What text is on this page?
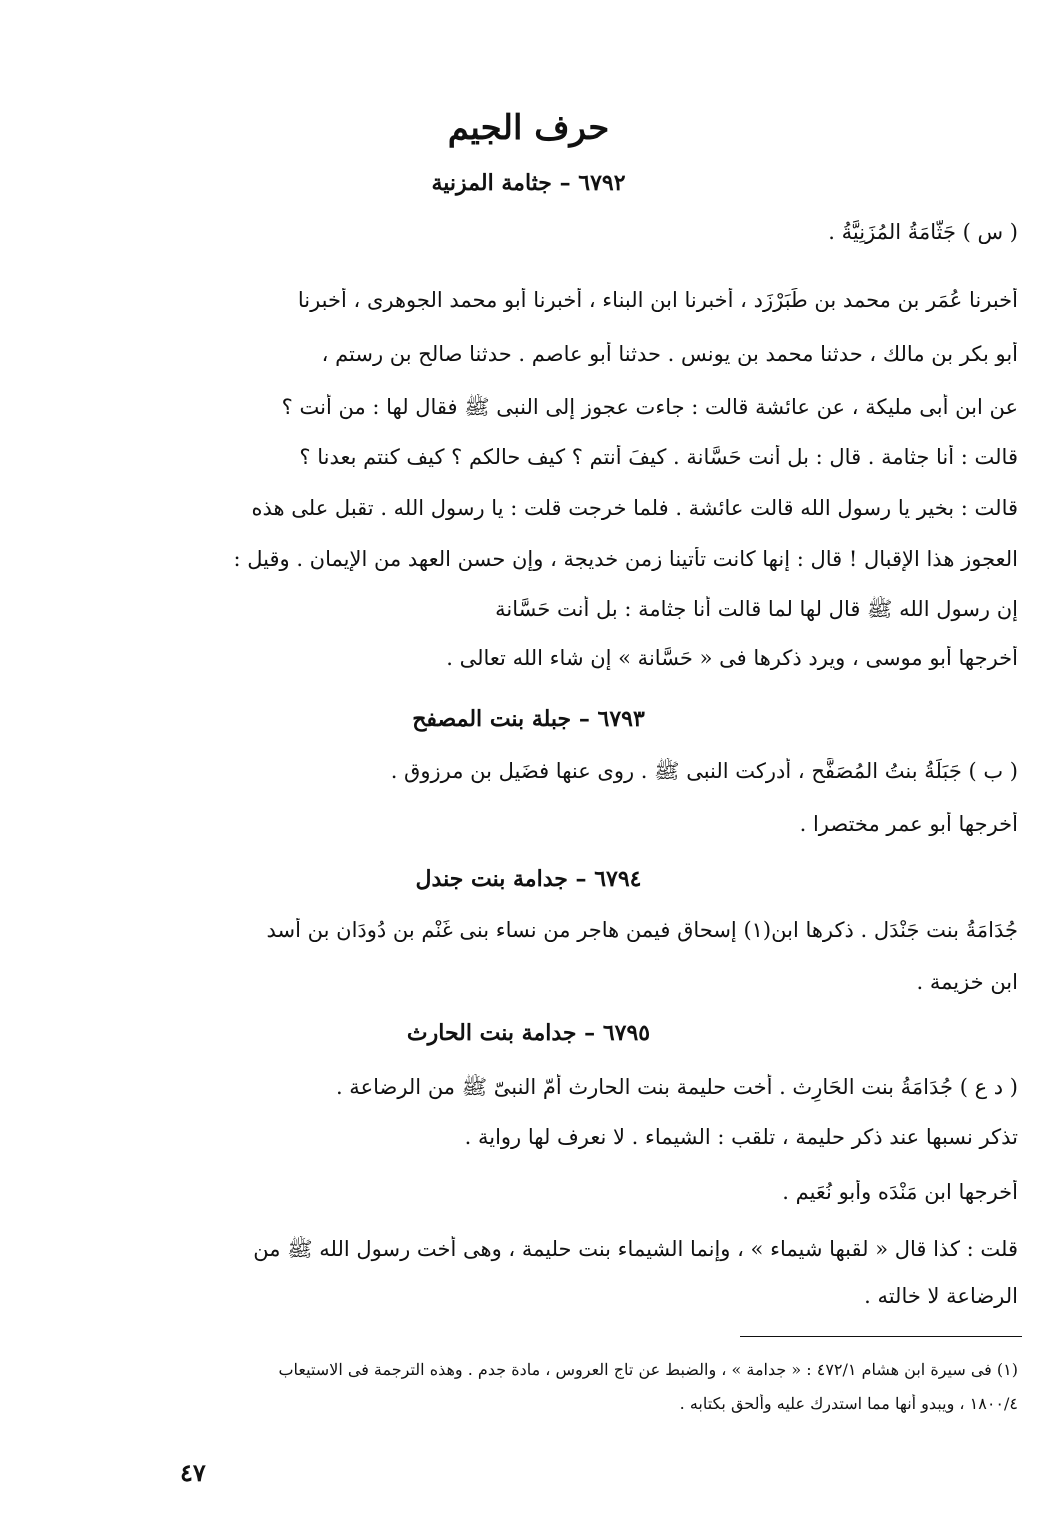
حرف الجيم
٦٧٩٢ – جثامة المزنية
( س ) جَثَّامَةُ المُزَنِيَّةُ .
أخبرنا عُمَر بن محمد بن طَبَرْزَد ، أخبرنا ابن البناء ، أخبرنا أبو محمد الجوهرى ، أخبرنا
أبو بكر بن مالك ، حدثنا محمد بن يونس . حدثنا أبو عاصم . حدثنا صالح بن رستم ،
عن ابن أبى مليكة ، عن عائشة قالت : جاءت عجوز إلى النبى ﷺ فقال لها : من أنت ؟
قالت : أنا جثامة . قال : بل أنت حَسَّانة . كيفَ أنتم ؟ كيف حالكم ؟ كيف كنتم بعدنا ؟
قالت : بخير يا رسول الله قالت عائشة . فلما خرجت قلت : يا رسول الله . تقبل على هذه
العجوز هذا الإقبال ! قال : إنها كانت تأتينا زمن خديجة ، وإن حسن العهد من الإيمان . وقيل :
إن رسول الله ﷺ قال لها لما قالت أنا جثامة : بل أنت حَسَّانة
أخرجها أبو موسى ، ويرد ذكرها فى « حَسَّانة » إن شاء الله تعالى .
٦٧٩٣ – جبلة بنت المصفح
( ب ) جَبَلَةُ بنتُ المُصَفَّح ، أدركت النبى ﷺ . روى عنها فضَيل بن مرزوق .
أخرجها أبو عمر مختصرا .
٦٧٩٤ – جدامة بنت جندل
جُدَامَةُ بنت جَنْدَل . ذكرها ابن(١) إسحاق فيمن هاجر من نساء بنى غَنْم بن دُودَان بن أَسد
ابن خزيمة .
٦٧٩٥ – جدامة بنت الحارث
( د ع ) جُدَامَةُ بنت الحَارِث . أخت حليمة بنت الحارث أُمّ النبىّ ﷺ من الرضاعة .
تذكر نسبها عند ذكر حليمة ، تلقب : الشيماء . لا نعرف لها رواية .
أخرجها ابن مَنْدَه وأبو نُعَيم .
قلت : كذا قال « لقبها شيماء » ، وإنما الشيماء بنت حليمة ، وهى أخت رسول الله ﷺ من
الرضاعة لا خالته .
(١) فى سيرة ابن هشام ٤٧٢/١ : « جدامة » ، والضبط عن تاج العروس ، مادة جدم . وهذه الترجمة فى الاستيعاب
١٨٠٠/٤ ، ويبدو أنها مما استدرك عليه وألحق بكتابه .
٤٧
